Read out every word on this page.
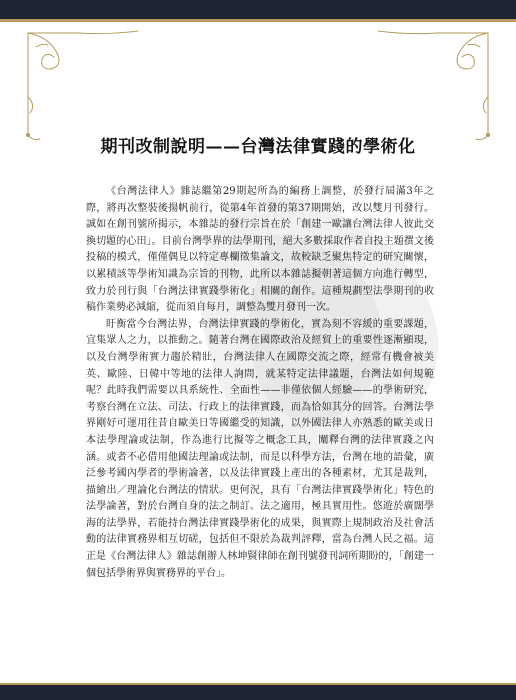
期刊改制說明——台灣法律實踐的學術化

《台灣法律人》雜誌繼第29期起所為的編務上調整，於發行屆滿3年之際，將再次整裝後揚帆前行，從第4年首發的第37期開始，改以雙月刊發行。誠如在創刊號所揭示，本雜誌的發行宗旨在於「創建一歐讓台灣法律人彼此交換切題的心田」。目前台灣學界的法學期刊，絕大多數採取作者自投主題撰文後投稿的模式，僅僅偶見以特定專欄徵集論文，故較缺乏聚焦特定的研究關懷，以累積該等學術知識為宗旨的刊物，此所以本雜誌擬朝著這個方向進行轉型，致力於刊行與「台灣法律實踐學術化」相關的創作。這種規劃型法學期刊的收稿作業勢必減縮，從而須自每月，調整為雙月發刊一次。

盱衡當今台灣法界，台灣法律實踐的學術化，實為刻不容緩的重要課題，宜集眾人之力，以推動之。隨著台灣在國際政治及經貿上的重要性逐漸顯現，以及台灣學術實力趨於精壯，台灣法律人在國際交流之際，經常有機會被美英、歐陸、日韓中等地的法律人詢問，就某特定法律議題，台灣法如何規範呢？此時我們需要以具系統性、全面性——非僅依個人經驗——的學術研究，考察台灣在立法、司法、行政上的法律實踐，而為恰如其分的回答。台灣法學界剛好可運用往昔自歐美日等國繼受的知識，以外國法律人亦熟悉的歐美或日本法學理論或法制，作為進行比擬等之概念工具，闡釋台灣的法律實踐之內涵。或者不必借用他國法理論或法制，而是以科學方法，台灣在地的語彙，廣泛參考國內學者的學術論著，以及法律實踐上產出的各種素材，尤其是裁判，描繪出／理論化台灣法的情狀。更何況，具有「台灣法律實踐學術化」特色的法學論著，對於台灣自身的法之制訂、法之適用，極具實用性。悠遊於廣闊學海的法學界，若能持台灣法律實踐學術化的成果，與實際上規制政治及社會活動的法律實務界相互切磋，包括但不限於為裁判評釋，當為台灣人民之福。這正是《台灣法律人》雜誌創辦人林坤賢律師在創刊號發刊詞所期盼的，「創建一個包括學術界與實務界的平台」。
